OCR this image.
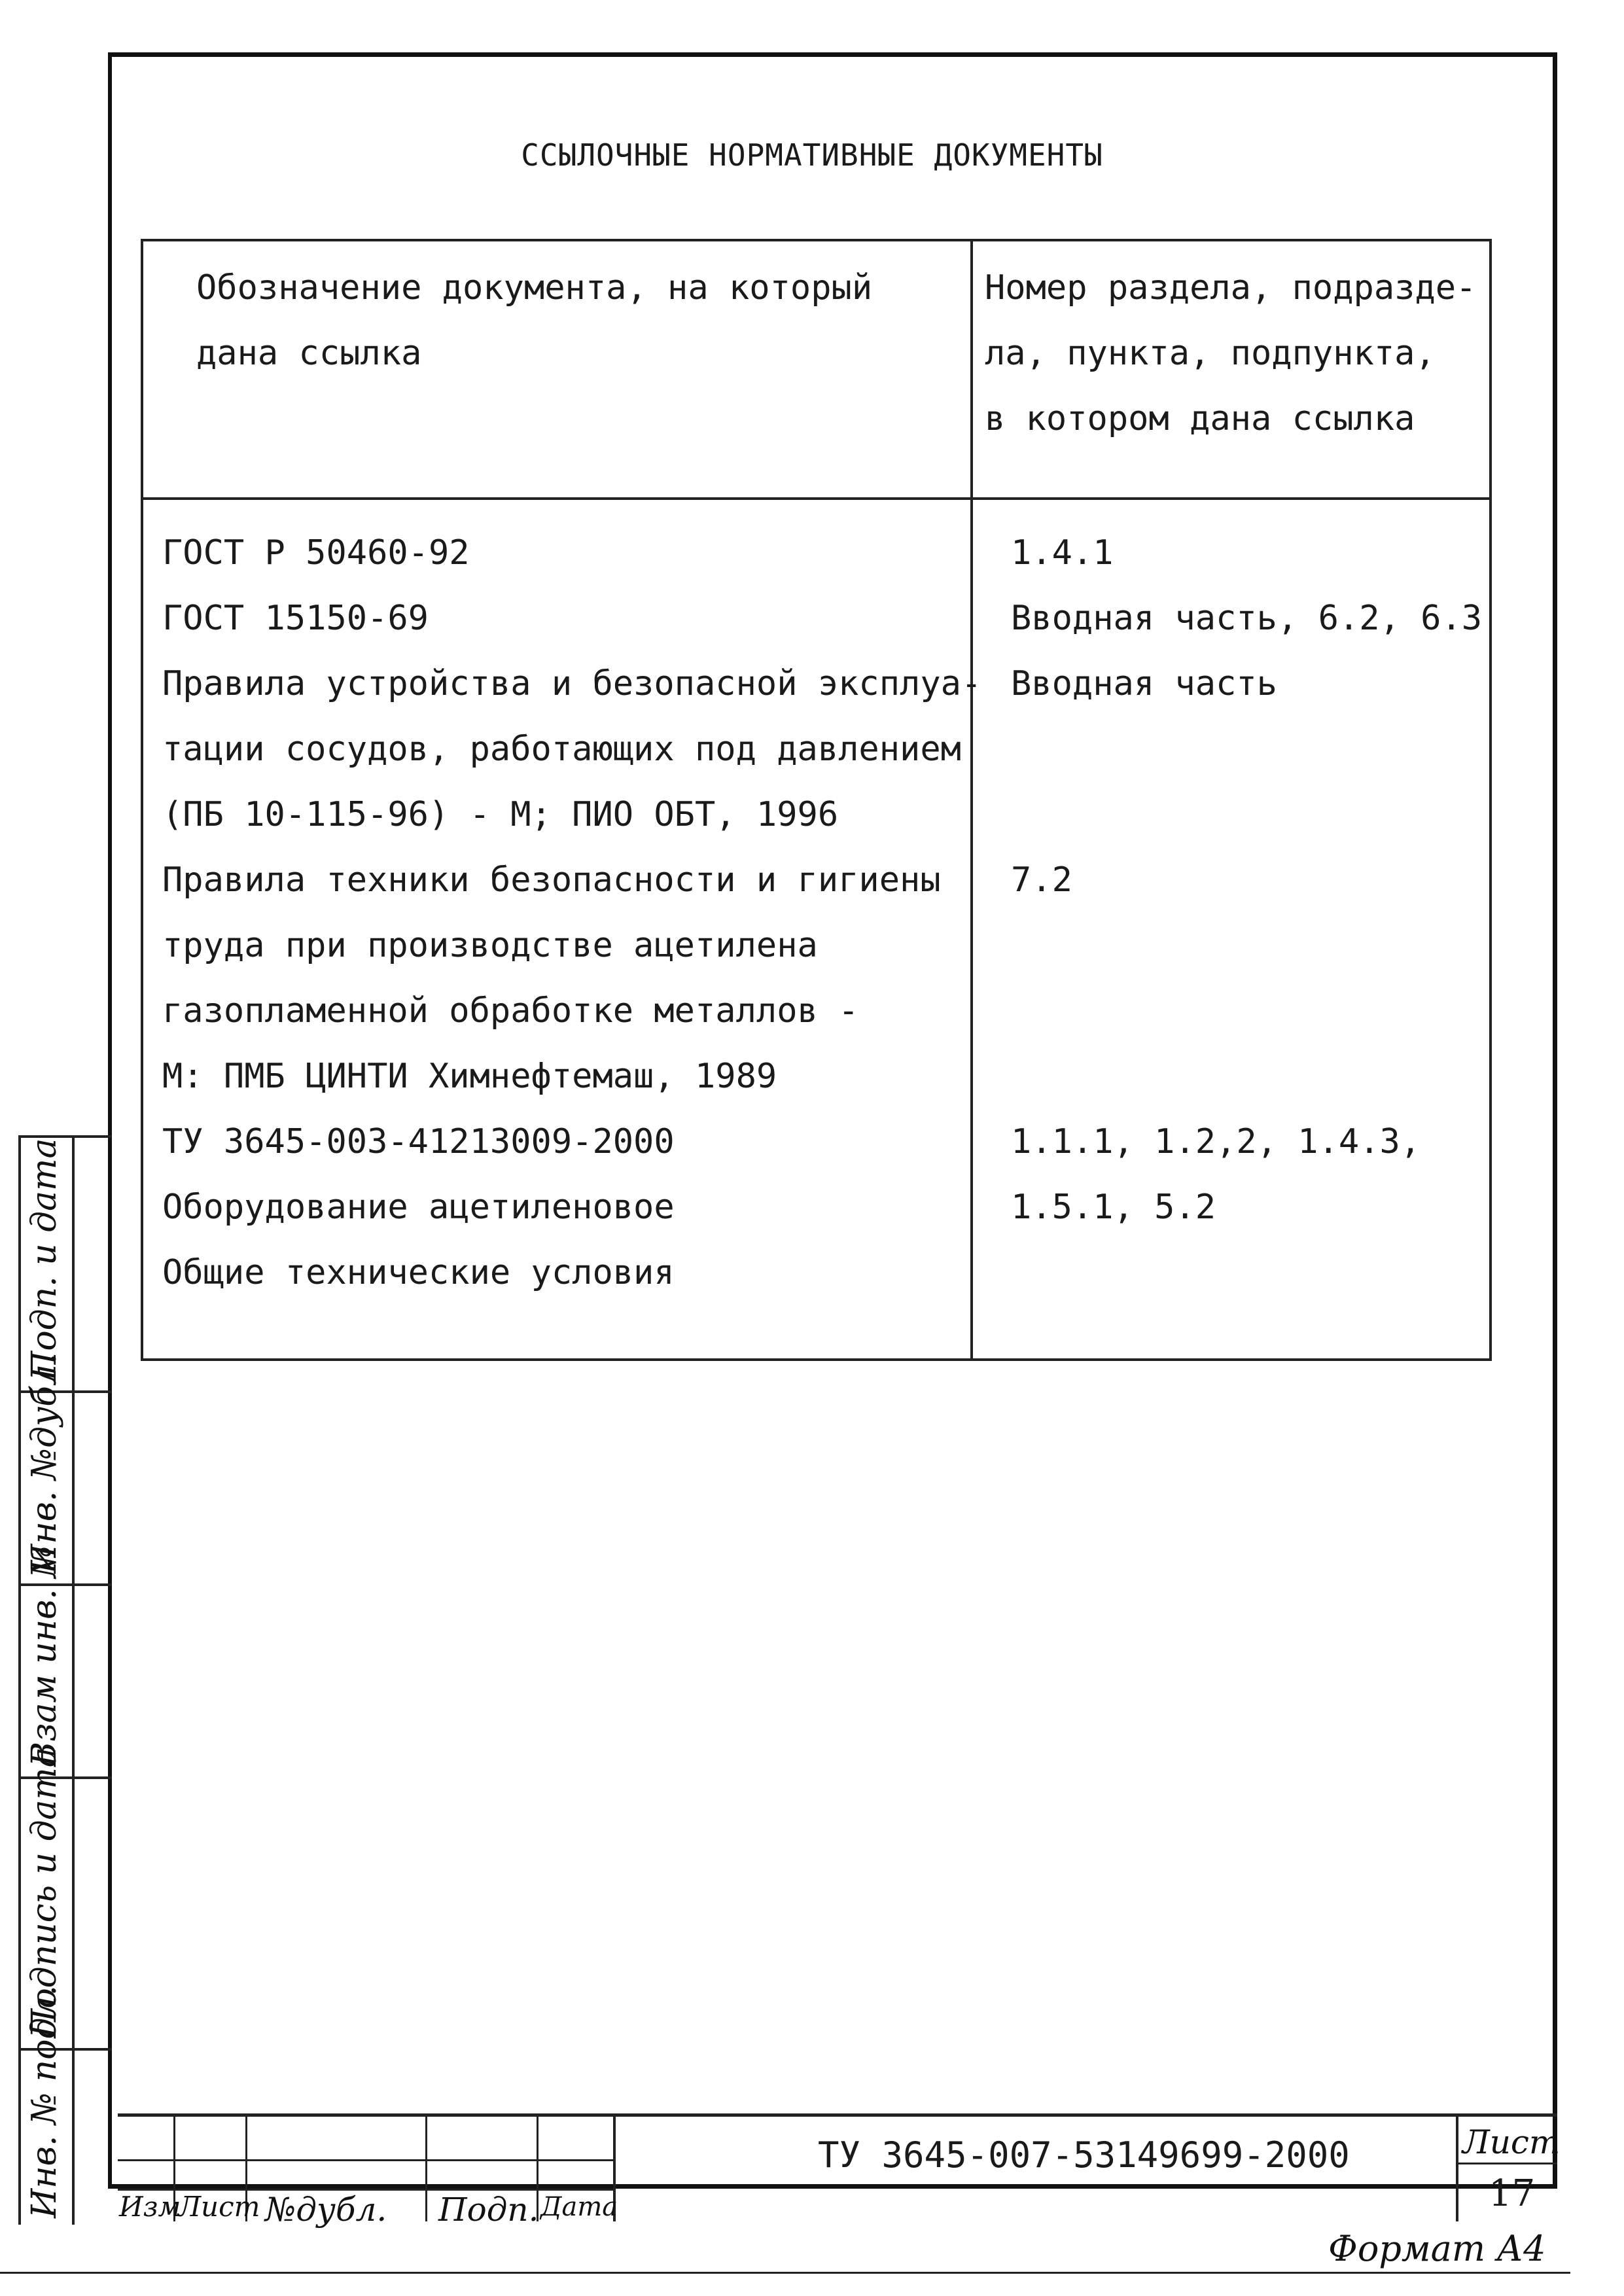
ССЫЛОЧНЫЕ НОРМАТИВНЫЕ ДОКУМЕНТЫ
Обозначение документа, на который
дана ссылка
Номер раздела, подразде-
ла, пункта, подпункта,
в котором дана ссылка
ГОСТ Р 50460-92
ГОСТ 15150-69
Правила устройства и безопасной эксплуа-
тации сосудов, работающих под давлением
(ПБ 10-115-96) - М; ПИО ОБТ, 1996
Правила техники безопасности и гигиены
труда при производстве ацетилена
газопламенной обработке металлов -
М: ПМБ ЦИНТИ Химнефтемаш, 1989
ТУ 3645-003-41213009-2000
Оборудование ацетиленовое
Общие технические условия
1.4.1
Вводная часть, 6.2, 6.3
Вводная часть
7.2
1.1.1, 1.2,2, 1.4.3,
1.5.1, 5.2
Подп. и дата
Инв. №дубл.
Взам инв. №
Подпись и дата
Инв. № подл. Изм
Лист №дубл. Подп. Дата
ТУ 3645-007-53149699-2000	Лист
17
Формат А4
